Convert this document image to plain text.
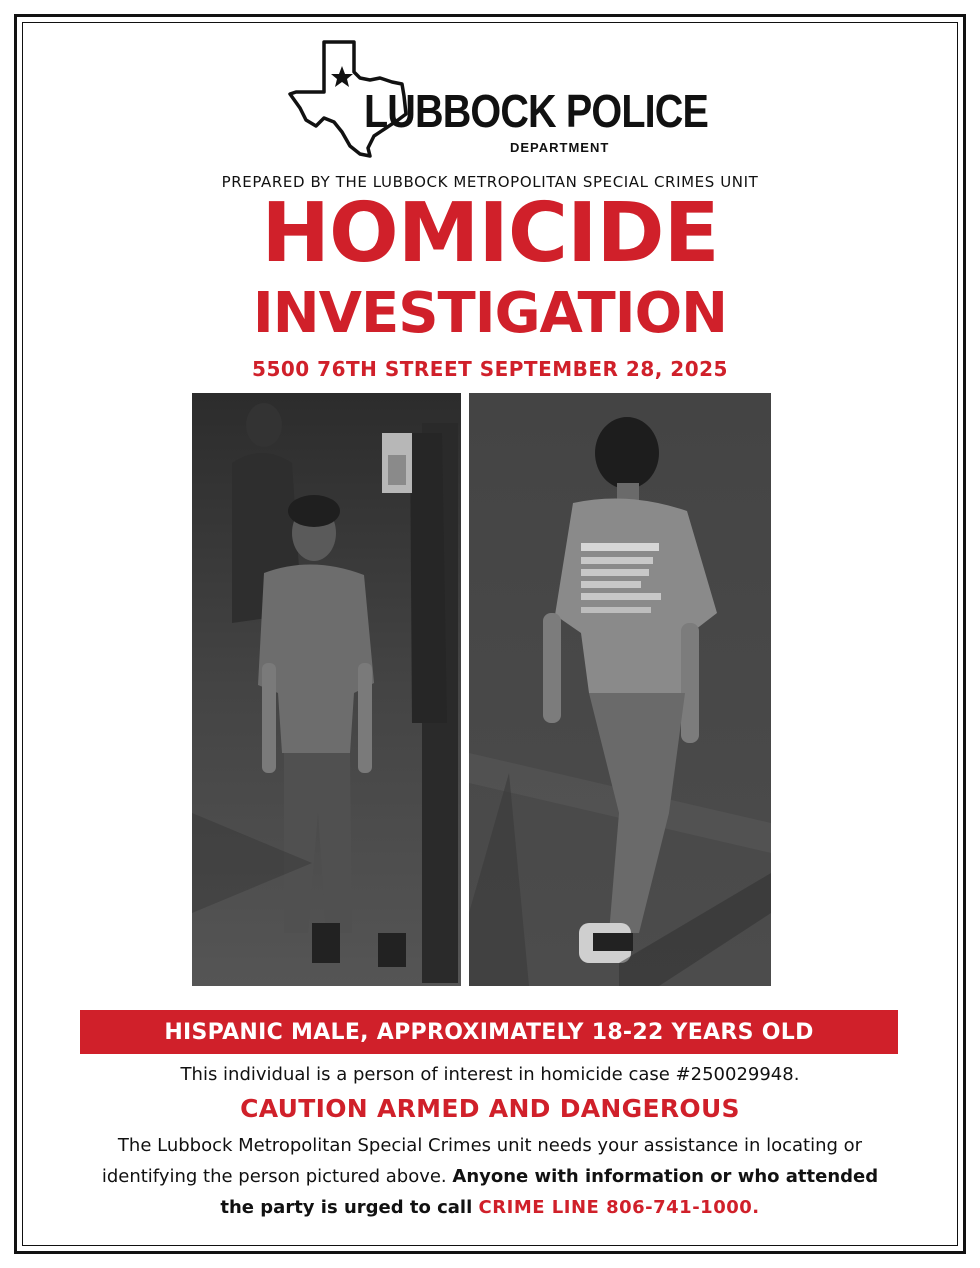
LUBBOCK POLICE
DEPARTMENT
PREPARED BY THE LUBBOCK METROPOLITAN SPECIAL CRIMES UNIT
HOMICIDE
INVESTIGATION
5500 76TH STREET SEPTEMBER 28, 2025
HISPANIC MALE, APPROXIMATELY 18-22 YEARS OLD
This individual is a person of interest in homicide case #250029948.
CAUTION ARMED AND DANGEROUS
The Lubbock Metropolitan Special Crimes unit needs your assistance in locating or identifying the person pictured above. Anyone with information or who attended the party is urged to call CRIME LINE 806-741-1000.
